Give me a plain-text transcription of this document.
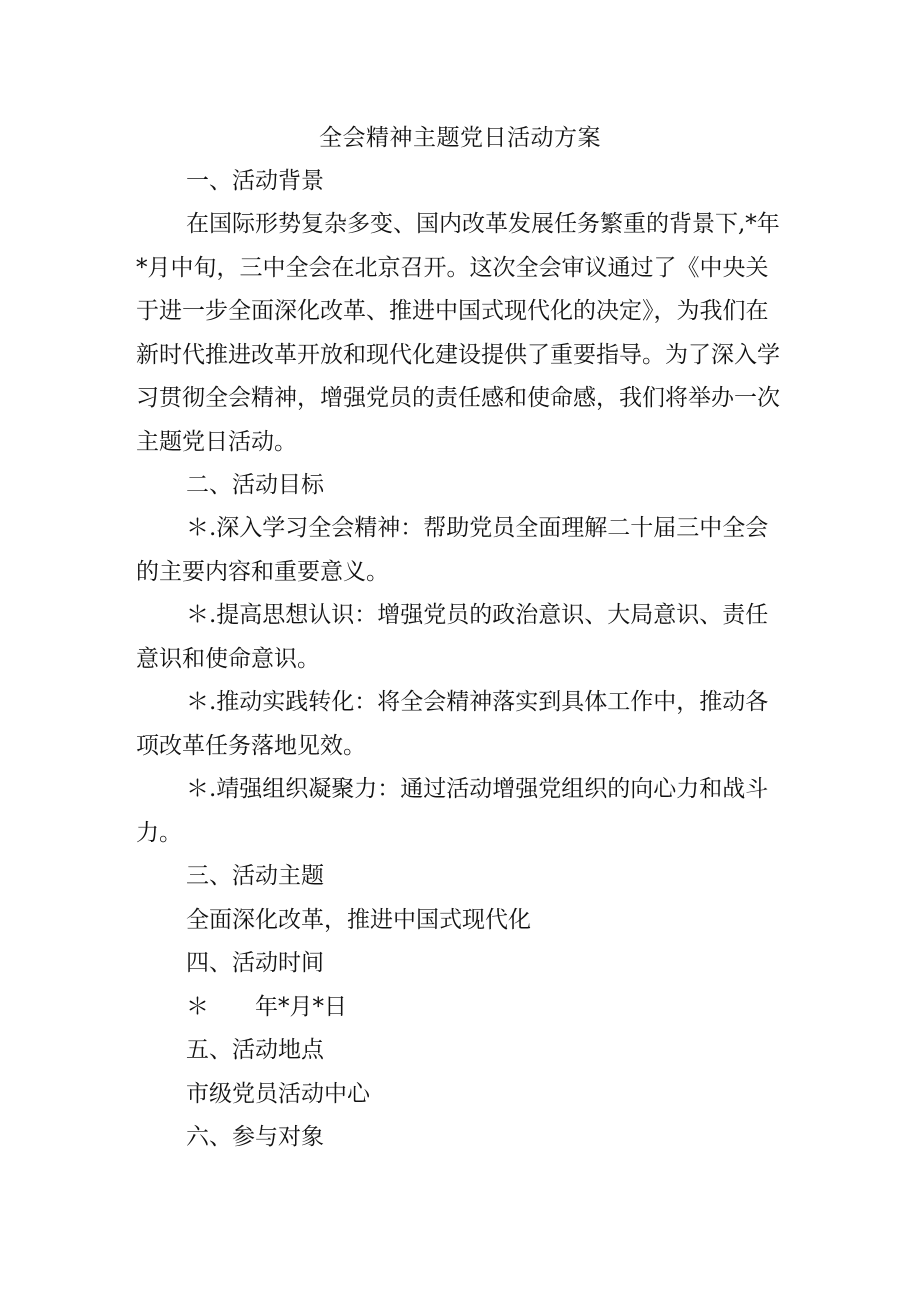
全会精神主题党日活动方案
一、活动背景
在国际形势复杂多变、国内改革发展任务繁重的背景下,*年
*月中旬，三中全会在北京召开。这次全会审议通过了《中央关
于进一步全面深化改革、推进中国式现代化的决定》，为我们在
新时代推进改革开放和现代化建设提供了重要指导。为了深入学
习贯彻全会精神，增强党员的责任感和使命感，我们将举办一次
主题党日活动。
二、活动目标
＊.深入学习全会精神：帮助党员全面理解二十届三中全会
的主要内容和重要意义。
＊.提高思想认识：增强党员的政治意识、大局意识、责任
意识和使命意识。
＊.推动实践转化：将全会精神落实到具体工作中，推动各
项改革任务落地见效。
＊.靖强组织凝聚力：通过活动增强党组织的向心力和战斗
力。
三、活动主题
全面深化改革，推进中国式现代化
四、活动时间
＊ 年*月*日
五、活动地点
市级党员活动中心
六、参与对象
